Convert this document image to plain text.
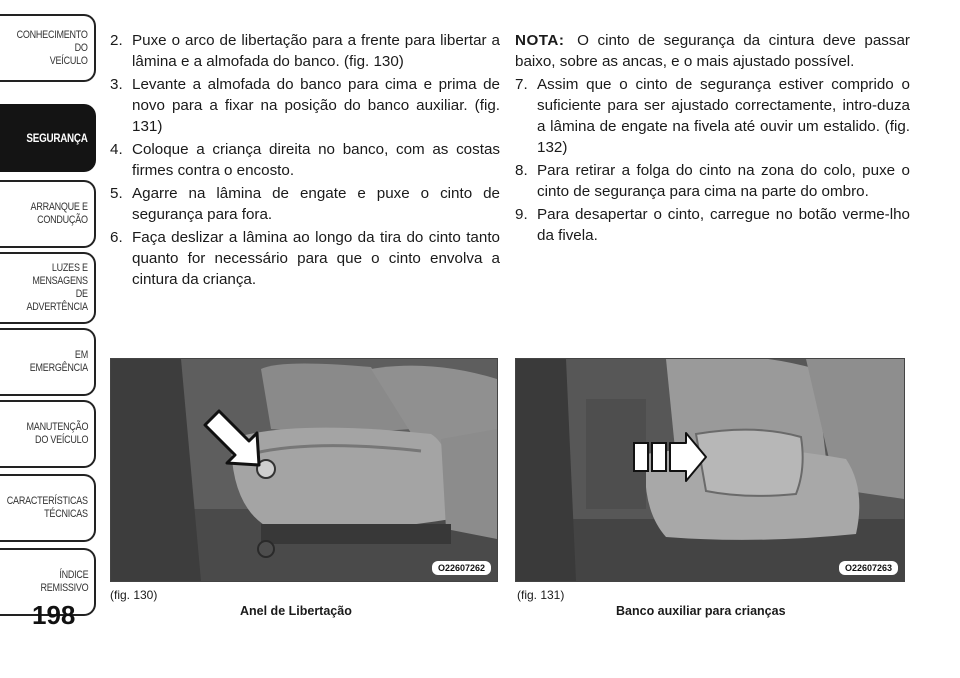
CONHECIMENTO
DO
VEÍCULO
SEGURANÇA
ARRANQUE E
CONDUÇÃO
LUZES E
MENSAGENS
DE
ADVERTÊNCIA
EM
EMERGÊNCIA
MANUTENÇÃO
DO VEÍCULO
CARACTERÍSTICAS
TÉCNICAS
ÍNDICE
REMISSIVO
198
2. Puxe o arco de libertação para a frente para libertar a lâmina e a almofada do banco. (fig. 130)
3. Levante a almofada do banco para cima e prima de novo para a fixar na posição do banco auxiliar. (fig. 131)
4. Coloque a criança direita no banco, com as costas firmes contra o encosto.
5. Agarre na lâmina de engate e puxe o cinto de segurança para fora.
6. Faça deslizar a lâmina ao longo da tira do cinto tanto quanto for necessário para que o cinto envolva a cintura da criança.
NOTA: O cinto de segurança da cintura deve passar baixo, sobre as ancas, e o mais ajustado possível.
7. Assim que o cinto de segurança estiver comprido o suficiente para ser ajustado correctamente, intro-duza a lâmina de engate na fivela até ouvir um estalido. (fig. 132)
8. Para retirar a folga do cinto na zona do colo, puxe o cinto de segurança para cima na parte do ombro.
9. Para desapertar o cinto, carregue no botão verme-lho da fivela.
O22607262
(fig. 130)
Anel de Libertação
O22607263
(fig. 131)
Banco auxiliar para crianças
